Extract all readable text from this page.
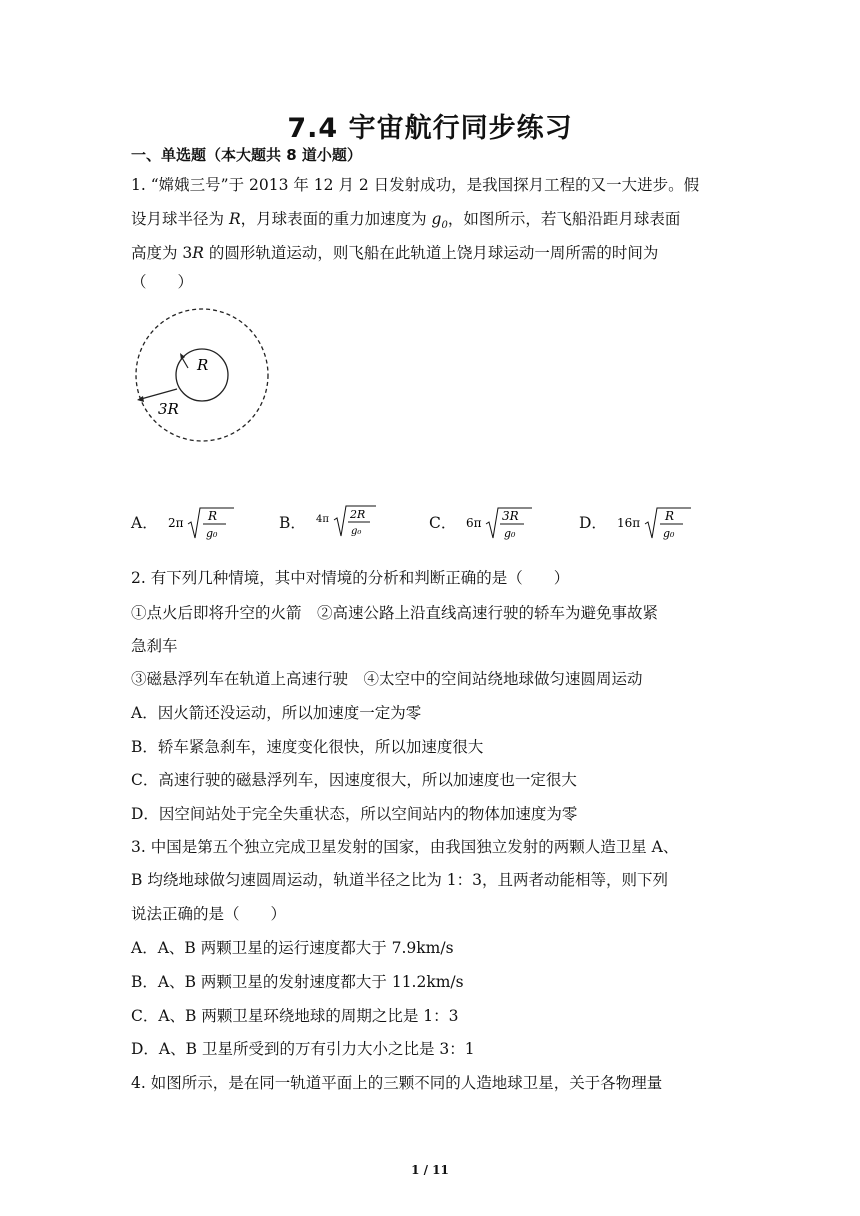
7.4 宇宙航行同步练习
一、单选题（本大题共 8 道小题）
1. “嫦娥三号”于 2013 年 12 月 2 日发射成功，是我国探月工程的又一大进步。假
设月球半径为 R，月球表面的重力加速度为 $g_0$，如图所示，若飞船沿距月球表面
高度为 3R 的圆形轨道运动，则飞船在此轨道上饶月球运动一周所需的时间为
（　　）
R
3R
A． 2π R
g₀
B． 4π 2R
g₀	C． 6π 3R
g₀
D． 16π R
g₀
2. 有下列几种情境，其中对情境的分析和判断正确的是（　　）
①点火后即将升空的火箭　②高速公路上沿直线高速行驶的轿车为避免事故紧
急刹车
③磁悬浮列车在轨道上高速行驶　④太空中的空间站绕地球做匀速圆周运动
A．因火箭还没运动，所以加速度一定为零
B．轿车紧急刹车，速度变化很快，所以加速度很大
C．高速行驶的磁悬浮列车，因速度很大，所以加速度也一定很大
D．因空间站处于完全失重状态，所以空间站内的物体加速度为零
3. 中国是第五个独立完成卫星发射的国家，由我国独立发射的两颗人造卫星 A、
B 均绕地球做匀速圆周运动，轨道半径之比为 1：3，且两者动能相等，则下列
说法正确的是（　　）
A．A、B 两颗卫星的运行速度都大于 7.9km/s
B．A、B 两颗卫星的发射速度都大于 11.2km/s
C．A、B 两颗卫星环绕地球的周期之比是 1：3
D．A、B 卫星所受到的万有引力大小之比是 3：1
4. 如图所示，是在同一轨道平面上的三颗不同的人造地球卫星，关于各物理量
1 / 11
